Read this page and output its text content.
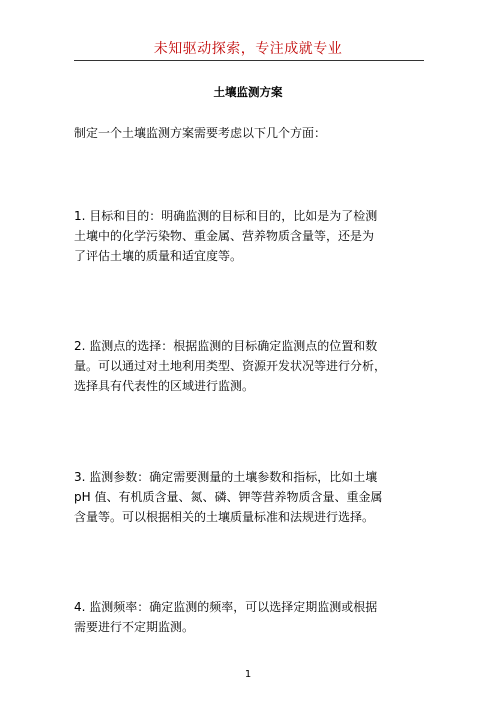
未知驱动探索，专注成就专业
土壤监测方案
制定一个土壤监测方案需要考虑以下几个方面：
1. 目标和目的：明确监测的目标和目的，比如是为了检测
土壤中的化学污染物、重金属、营养物质含量等，还是为
了评估土壤的质量和适宜度等。
2. 监测点的选择：根据监测的目标确定监测点的位置和数
量。可以通过对土地利用类型、资源开发状况等进行分析，
选择具有代表性的区域进行监测。
3. 监测参数：确定需要测量的土壤参数和指标，比如土壤
pH 值、有机质含量、氮、磷、钾等营养物质含量、重金属
含量等。可以根据相关的土壤质量标准和法规进行选择。
4. 监测频率：确定监测的频率，可以选择定期监测或根据
需要进行不定期监测。
1
